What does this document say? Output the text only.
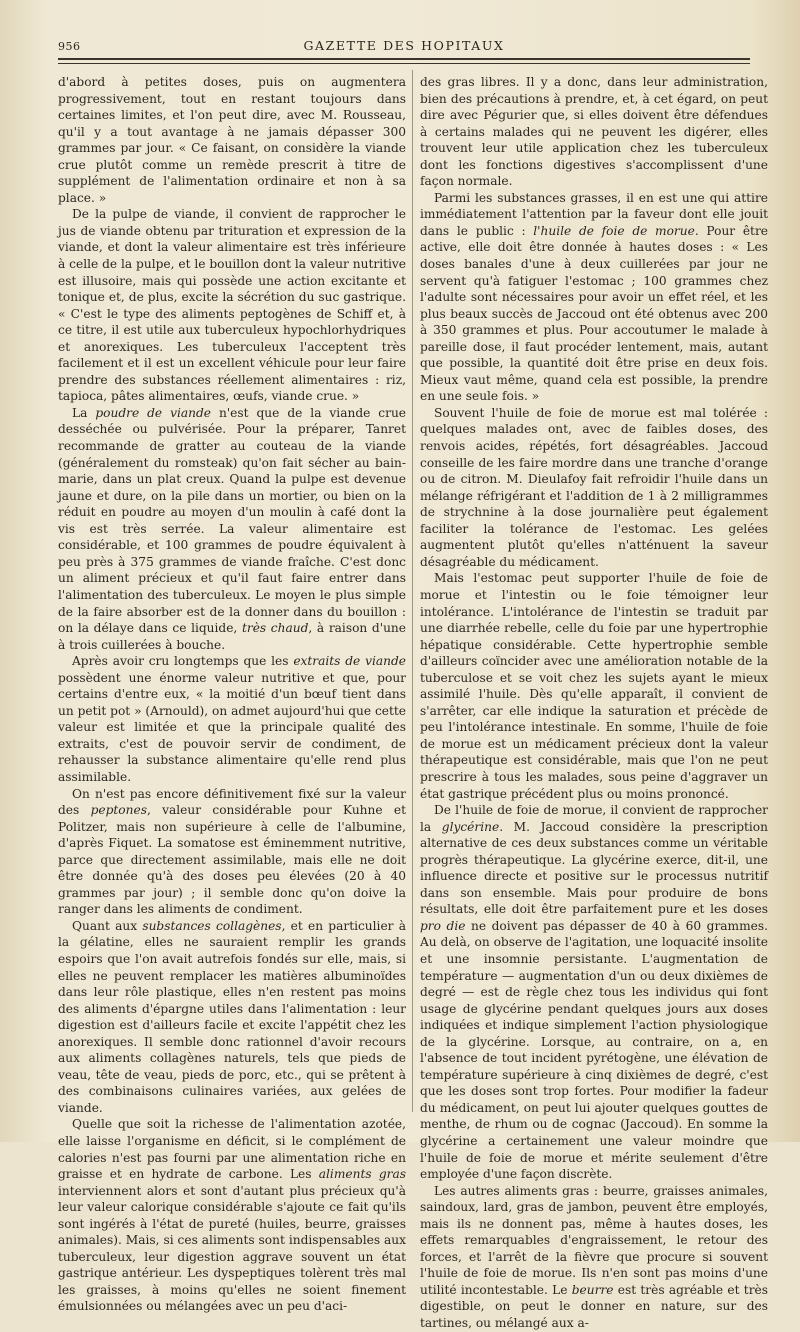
956	GAZETTE DES HOPITAUX

d'abord à petites doses, puis on augmentera progressivement, tout en restant toujours dans certaines limites, et l'on peut dire, avec M. Rousseau, qu'il y a tout avantage à ne jamais dépasser 300 grammes par jour. « Ce faisant, on considère la viande crue plutôt comme un remède prescrit à titre de supplément de l'alimentation ordinaire et non à sa place. »

De la pulpe de viande, il convient de rapprocher le jus de viande obtenu par trituration et expression de la viande, et dont la valeur alimentaire est très inférieure à celle de la pulpe, et le bouillon dont la valeur nutritive est illusoire, mais qui possède une action excitante et tonique et, de plus, excite la sécrétion du suc gastrique. « C'est le type des aliments peptogènes de Schiff et, à ce titre, il est utile aux tuberculeux hypochlorhydriques et anorexiques. Les tuberculeux l'acceptent très facilement et il est un excellent véhicule pour leur faire prendre des substances réellement alimentaires : riz, tapioca, pâtes alimentaires, œufs, viande crue. »

La poudre de viande n'est que de la viande crue desséchée ou pulvérisée. Pour la préparer, Tanret recommande de gratter au couteau de la viande (généralement du romsteak) qu'on fait sécher au bain-marie, dans un plat creux. Quand la pulpe est devenue jaune et dure, on la pile dans un mortier, ou bien on la réduit en poudre au moyen d'un moulin à café dont la vis est très serrée. La valeur alimentaire est considérable, et 100 grammes de poudre équivalent à peu près à 375 grammes de viande fraîche. C'est donc un aliment précieux et qu'il faut faire entrer dans l'alimentation des tuberculeux. Le moyen le plus simple de la faire absorber est de la donner dans du bouillon : on la délaye dans ce liquide, très chaud, à raison d'une à trois cuillerées à bouche.

Après avoir cru longtemps que les extraits de viande possèdent une énorme valeur nutritive et que, pour certains d'entre eux, « la moitié d'un bœuf tient dans un petit pot » (Arnould), on admet aujourd'hui que cette valeur est limitée et que la principale qualité des extraits, c'est de pouvoir servir de condiment, de rehausser la substance alimentaire qu'elle rend plus assimilable.

On n'est pas encore définitivement fixé sur la valeur des peptones, valeur considérable pour Kuhne et Politzer, mais non supérieure à celle de l'albumine, d'après Fiquet. La somatose est éminemment nutritive, parce que directement assimilable, mais elle ne doit être donnée qu'à des doses peu élevées (20 à 40 grammes par jour) ; il semble donc qu'on doive la ranger dans les aliments de condiment.

Quant aux substances collagènes, et en particulier à la gélatine, elles ne sauraient remplir les grands espoirs que l'on avait autrefois fondés sur elle, mais, si elles ne peuvent remplacer les matières albuminoïdes dans leur rôle plastique, elles n'en restent pas moins des aliments d'épargne utiles dans l'alimentation : leur digestion est d'ailleurs facile et excite l'appétit chez les anorexiques. Il semble donc rationnel d'avoir recours aux aliments collagènes naturels, tels que pieds de veau, tête de veau, pieds de porc, etc., qui se prêtent à des combinaisons culinaires variées, aux gelées de viande.

Quelle que soit la richesse de l'alimentation azotée, elle laisse l'organisme en déficit, si le complément de calories n'est pas fourni par une alimentation riche en graisse et en hydrate de carbone. Les aliments gras interviennent alors et sont d'autant plus précieux qu'à leur valeur calorique considérable s'ajoute ce fait qu'ils sont ingérés à l'état de pureté (huiles, beurre, graisses animales). Mais, si ces aliments sont indispensables aux tuberculeux, leur digestion aggrave souvent un état gastrique antérieur. Les dyspeptiques tolèrent très mal les graisses, à moins qu'elles ne soient finement émulsionnées ou mélangées avec un peu d'aci-

des gras libres. Il y a donc, dans leur administration, bien des précautions à prendre, et, à cet égard, on peut dire avec Pégurier que, si elles doivent être défendues à certains malades qui ne peuvent les digérer, elles trouvent leur utile application chez les tuberculeux dont les fonctions digestives s'accomplissent d'une façon normale.

Parmi les substances grasses, il en est une qui attire immédiatement l'attention par la faveur dont elle jouit dans le public : l'huile de foie de morue. Pour être active, elle doit être donnée à hautes doses : « Les doses banales d'une à deux cuillerées par jour ne servent qu'à fatiguer l'estomac ; 100 grammes chez l'adulte sont nécessaires pour avoir un effet réel, et les plus beaux succès de Jaccoud ont été obtenus avec 200 à 350 grammes et plus. Pour accoutumer le malade à pareille dose, il faut procéder lentement, mais, autant que possible, la quantité doit être prise en deux fois. Mieux vaut même, quand cela est possible, la prendre en une seule fois. »

Souvent l'huile de foie de morue est mal tolérée : quelques malades ont, avec de faibles doses, des renvois acides, répétés, fort désagréables. Jaccoud conseille de les faire mordre dans une tranche d'orange ou de citron. M. Dieulafoy fait refroidir l'huile dans un mélange réfrigérant et l'addition de 1 à 2 milligrammes de strychnine à la dose journalière peut également faciliter la tolérance de l'estomac. Les gelées augmentent plutôt qu'elles n'atténuent la saveur désagréable du médicament.

Mais l'estomac peut supporter l'huile de foie de morue et l'intestin ou le foie témoigner leur intolérance. L'intolérance de l'intestin se traduit par une diarrhée rebelle, celle du foie par une hypertrophie hépatique considérable. Cette hypertrophie semble d'ailleurs coïncider avec une amélioration notable de la tuberculose et se voit chez les sujets ayant le mieux assimilé l'huile. Dès qu'elle apparaît, il convient de s'arrêter, car elle indique la saturation et précède de peu l'intolérance intestinale. En somme, l'huile de foie de morue est un médicament précieux dont la valeur thérapeutique est considérable, mais que l'on ne peut prescrire à tous les malades, sous peine d'aggraver un état gastrique précédent plus ou moins prononcé.

De l'huile de foie de morue, il convient de rapprocher la glycérine. M. Jaccoud considère la prescription alternative de ces deux substances comme un véritable progrès thérapeutique. La glycérine exerce, dit-il, une influence directe et positive sur le processus nutritif dans son ensemble. Mais pour produire de bons résultats, elle doit être parfaitement pure et les doses pro die ne doivent pas dépasser de 40 à 60 grammes. Au delà, on observe de l'agitation, une loquacité insolite et une insomnie persistante. L'augmentation de température — augmentation d'un ou deux dixièmes de degré — est de règle chez tous les individus qui font usage de glycérine pendant quelques jours aux doses indiquées et indique simplement l'action physiologique de la glycérine. Lorsque, au contraire, on a, en l'absence de tout incident pyrétogène, une élévation de température supérieure à cinq dixièmes de degré, c'est que les doses sont trop fortes. Pour modifier la fadeur du médicament, on peut lui ajouter quelques gouttes de menthe, de rhum ou de cognac (Jaccoud). En somme la glycérine a certainement une valeur moindre que l'huile de foie de morue et mérite seulement d'être employée d'une façon discrète.

Les autres aliments gras : beurre, graisses animales, saindoux, lard, gras de jambon, peuvent être employés, mais ils ne donnent pas, même à hautes doses, les effets remarquables d'engraissement, le retour des forces, et l'arrêt de la fièvre que procure si souvent l'huile de foie de morue. Ils n'en sont pas moins d'une utilité incontestable. Le beurre est très agréable et très digestible, on peut le donner en nature, sur des tartines, ou mélangé aux a-
